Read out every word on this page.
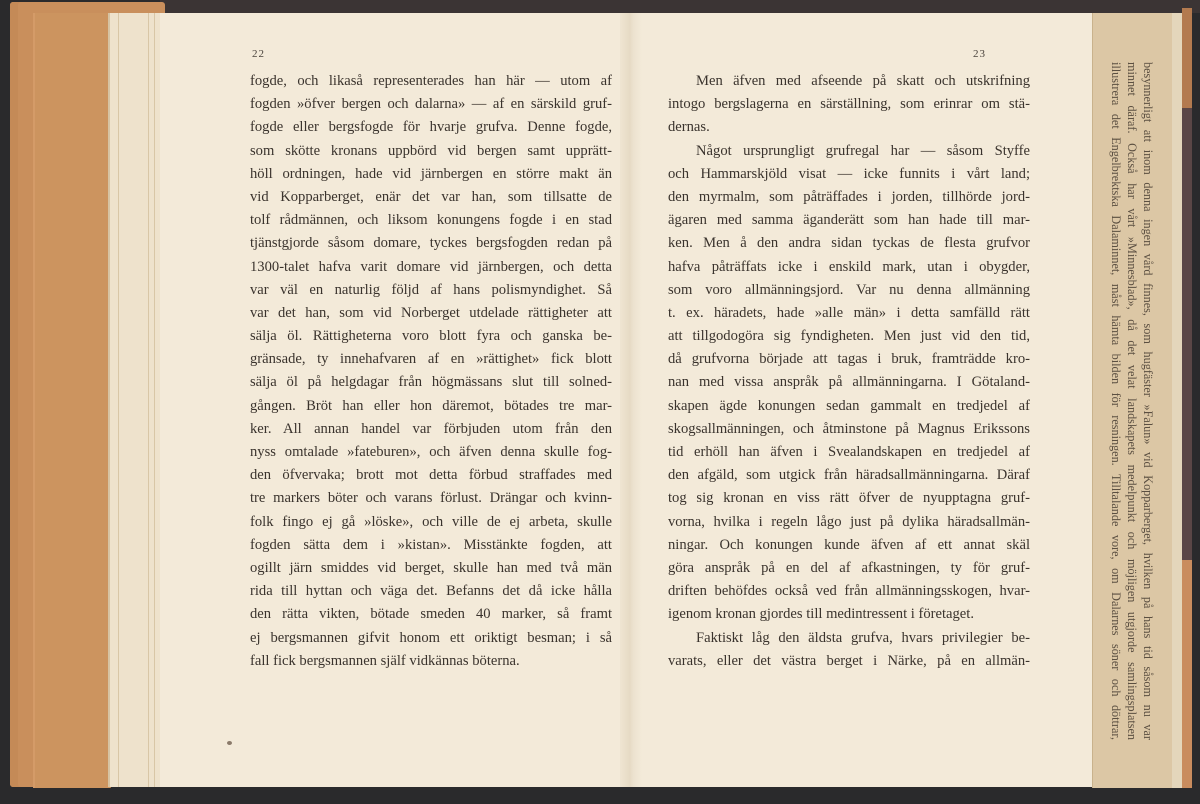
22	23
fogde, och likaså representerades han här — utom af
fogden »öfver bergen och dalarna» — af en särskild gruf-
fogde eller bergsfogde för hvarje grufva. Denne fogde,
som skötte kronans uppbörd vid bergen samt upprätt-
höll ordningen, hade vid järnbergen en större makt än
vid Kopparberget, enär det var han, som tillsatte de
tolf rådmännen, och liksom konungens fogde i en stad
tjänstgjorde såsom domare, tyckes bergsfogden redan på
1300-talet hafva varit domare vid järnbergen, och detta
var väl en naturlig följd af hans polismyndighet. Så
var det han, som vid Norberget utdelade rättigheter att
sälja öl. Rättigheterna voro blott fyra och ganska be-
gränsade, ty innehafvaren af en »rättighet» fick blott
sälja öl på helgdagar från högmässans slut till solned-
gången. Bröt han eller hon däremot, bötades tre mar-
ker. All annan handel var förbjuden utom från den
nyss omtalade »fateburen», och äfven denna skulle fog-
den öfvervaka; brott mot detta förbud straffades med
tre markers böter och varans förlust. Drängar och kvinn-
folk fingo ej gå »löske», och ville de ej arbeta, skulle
fogden sätta dem i »kistan». Misstänkte fogden, att
ogillt järn smiddes vid berget, skulle han med två män
rida till hyttan och väga det. Befanns det då icke hålla
den rätta vikten, bötade smeden 40 marker, så framt
ej bergsmannen gifvit honom ett oriktigt besman; i så
fall fick bergsmannen själf vidkännas böterna.
Men äfven med afseende på skatt och utskrifning
intogo bergslagerna en särställning, som erinrar om stä-
dernas.
Något ursprungligt grufregal har — såsom Styffe
och Hammarskjöld visat — icke funnits i vårt land;
den myrmalm, som påträffades i jorden, tillhörde jord-
ägaren med samma äganderätt som han hade till mar-
ken. Men å den andra sidan tyckas de flesta grufvor
hafva påträffats icke i enskild mark, utan i obygder,
som voro allmänningsjord. Var nu denna allmänning
t. ex. häradets, hade »alle män» i detta samfälld rätt
att tillgodogöra sig fyndigheten. Men just vid den tid,
då grufvorna började att tagas i bruk, framträdde kro-
nan med vissa anspråk på allmänningarna. I Götaland-
skapen ägde konungen sedan gammalt en tredjedel af
skogsallmänningen, och åtminstone på Magnus Erikssons
tid erhöll han äfven i Svealandskapen en tredjedel af
den afgäld, som utgick från häradsallmänningarna. Däraf
tog sig kronan en viss rätt öfver de nyupptagna gruf-
vorna, hvilka i regeln lågo just på dylika häradsallmän-
ningar. Och konungen kunde äfven af ett annat skäl
göra anspråk på en del af afkastningen, ty för gruf-
driften behöfdes också ved från allmänningsskogen, hvar-
igenom kronan gjordes till medintressent i företaget.
Faktiskt låg den äldsta grufva, hvars privilegier be-
varats, eller det västra berget i Närke, på en allmän-	besynnerligt att inom denna ingen vård finnes, som hugfäster »Falun» vid Kopparberget, hvilken på hans tid såsom nu var
minnet däraf. Också har vårt »Minnesblad», då det velat landskapets medelpunkt och möjligen utgjorde samlingsplatsen
illustrera det Engelbrektska Dalaminnet, måst hämta bilden för resningen. Tilltalande vore, om Dalarnes söner och döttrar,
